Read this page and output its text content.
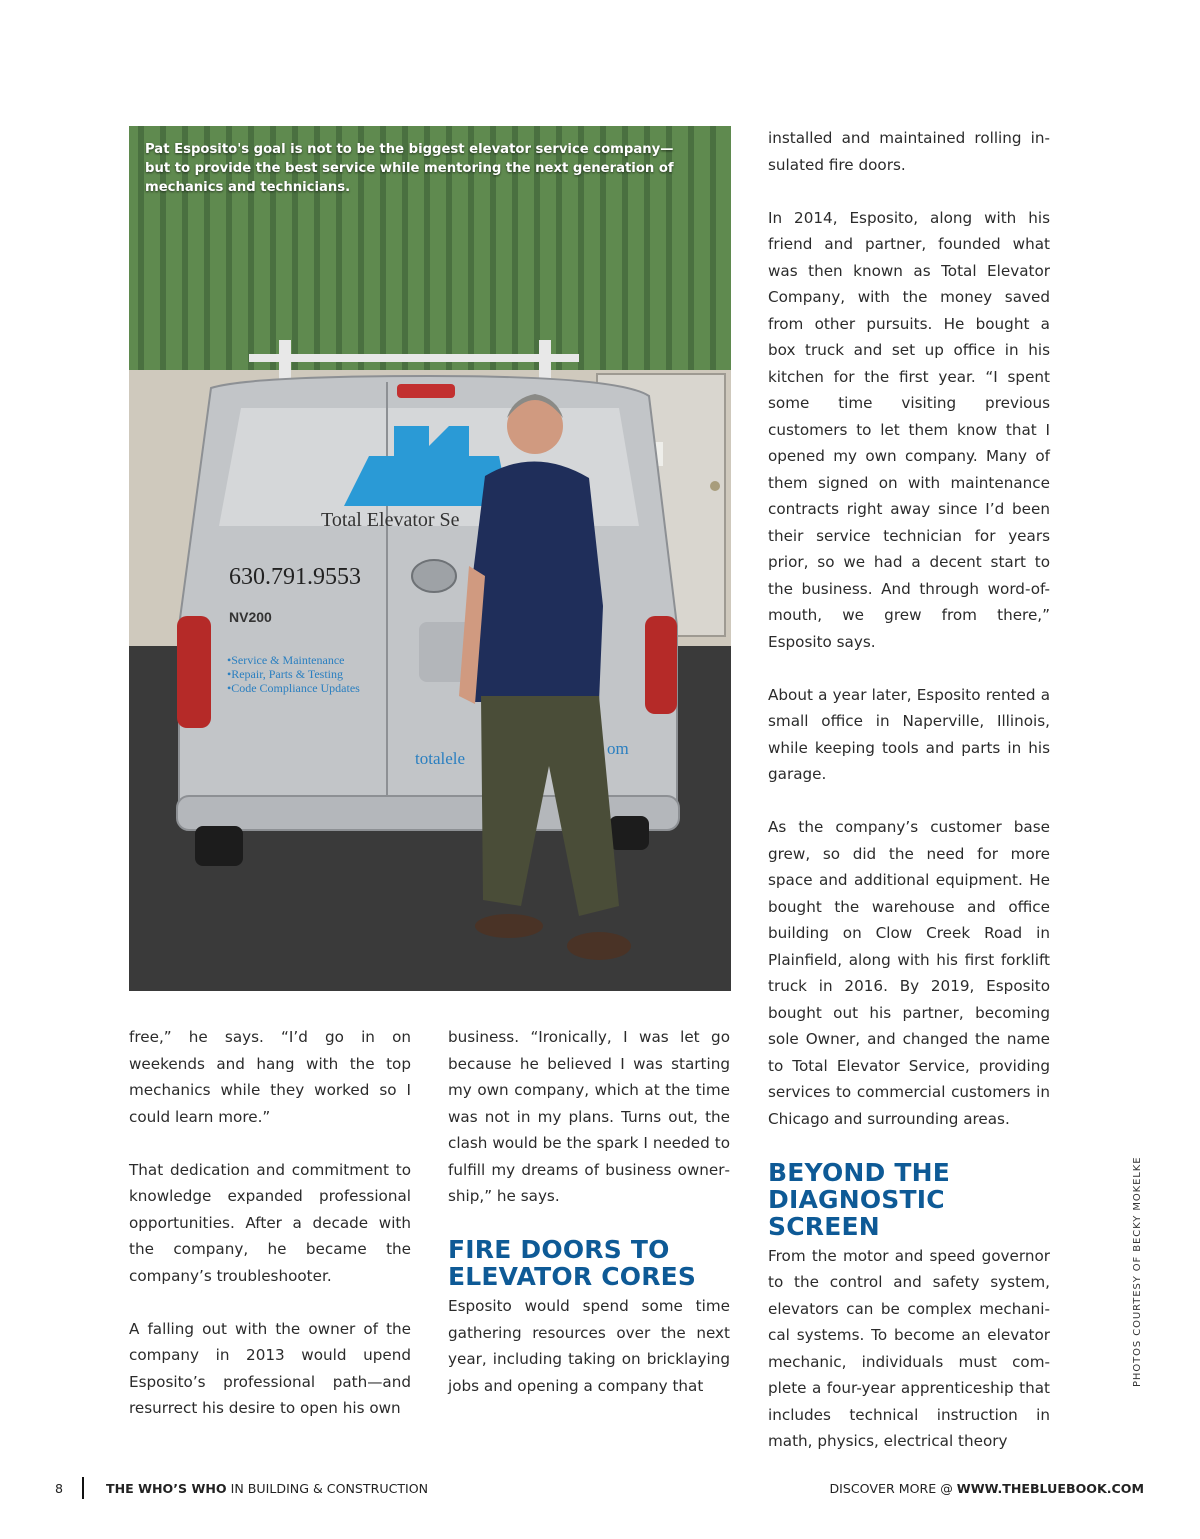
Total Elevator Se
630.791.9553
NV200
•Service & Maintenance
•Repair, Parts & Testing
•Code Compliance Updates
totalele
om
Pat Esposito's goal is not to be the biggest elevator service company—but to provide the best service while mentoring the next generation of mechanics and technicians.

free,” he says. “I’d go in on weekends and hang with the top mechanics while they worked so I could learn more.”

That dedication and commitment to knowledge expanded professional opportunities. After a decade with the company, he became the company’s troubleshooter.

A falling out with the owner of the company in 2013 would upend Esposito’s professional path—and resurrect his desire to open his own

business. “Ironically, I was let go because he believed I was starting my own company, which at the time was not in my plans. Turns out, the clash would be the spark I needed to fulfill my dreams of business ownership,” he says.

FIRE DOORS TO ELEVATOR CORES

Esposito would spend some time gathering resources over the next year, including taking on bricklaying jobs and opening a company that

installed and maintained rolling insulated fire doors.

In 2014, Esposito, along with his friend and partner, founded what was then known as Total Elevator Company, with the money saved from other pursuits. He bought a box truck and set up office in his kitchen for the first year. “I spent some time visiting previous customers to let them know that I opened my own company. Many of them signed on with maintenance contracts right away since I’d been their service technician for years prior, so we had a decent start to the business. And through word-of-mouth, we grew from there,” Esposito says.

About a year later, Esposito rented a small office in Naperville, Illinois, while keeping tools and parts in his garage.

As the company’s customer base grew, so did the need for more space and additional equipment. He bought the warehouse and office building on Clow Creek Road in Plainfield, along with his first forklift truck in 2016. By 2019, Esposito bought out his partner, becoming sole Owner, and changed the name to Total Elevator Service, providing services to commercial customers in Chicago and surrounding areas.

BEYOND THE DIAGNOSTIC SCREEN

From the motor and speed governor to the control and safety system, elevators can be complex mechanical systems. To become an elevator mechanic, individuals must complete a four-year apprenticeship that includes technical instruction in math, physics, electrical theory

PHOTOS COURTESY OF BECKY MOKELKE
8	THE WHO’S WHO IN BUILDING & CONSTRUCTION	DISCOVER MORE @ WWW.THEBLUEBOOK.COM
